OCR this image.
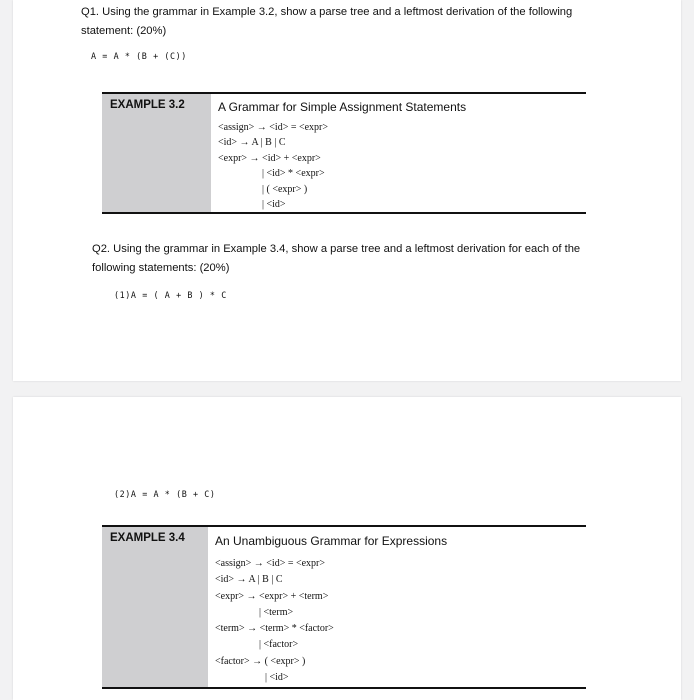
Q1. Using the grammar in Example 3.2, show a parse tree and a leftmost derivation of the following
statement: (20%)
A = A * (B + (C))
EXAMPLE 3.2	A Grammar for Simple Assignment Statements
<assign> → <id> = <expr>
<id> → A | B | C
<expr> → <id> + <expr>
| <id> * <expr>
| ( <expr> )
| <id>
Q2. Using the grammar in Example 3.4, show a parse tree and a leftmost derivation for each of the
following statements: (20%)
(1)A = ( A + B ) * C
(2)A = A * (B + C)
EXAMPLE 3.4	An Unambiguous Grammar for Expressions
<assign> → <id> = <expr>
<id> → A | B | C
<expr> → <expr> + <term>
| <term>
<term> → <term> * <factor>
| <factor>
<factor> → ( <expr> )
| <id>
